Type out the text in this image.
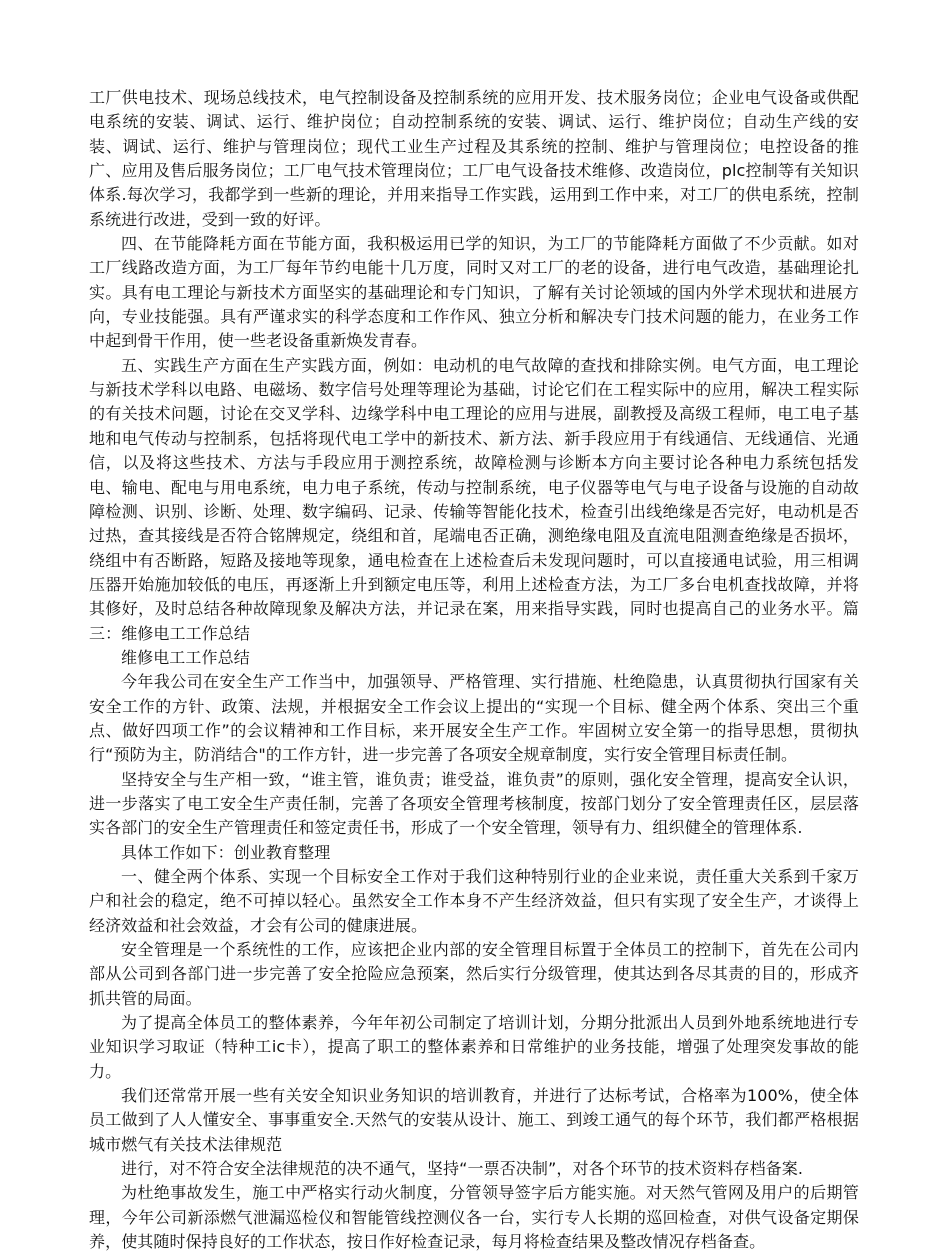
工厂供电技术、现场总线技术，电气控制设备及控制系统的应用开发、技术服务岗位；企业电气设备或供配电系统的安装、调试、运行、维护岗位；自动控制系统的安装、调试、运行、维护岗位；自动生产线的安装、调试、运行、维护与管理岗位；现代工业生产过程及其系统的控制、维护与管理岗位；电控设备的推广、应用及售后服务岗位；工厂电气技术管理岗位；工厂电气设备技术维修、改造岗位，plc控制等有关知识体系.每次学习，我都学到一些新的理论，并用来指导工作实践，运用到工作中来，对工厂的供电系统，控制系统进行改进，受到一致的好评。

四、在节能降耗方面在节能方面，我积极运用已学的知识，为工厂的节能降耗方面做了不少贡献。如对工厂线路改造方面，为工厂每年节约电能十几万度，同时又对工厂的老的设备，进行电气改造，基础理论扎实。具有电工理论与新技术方面坚实的基础理论和专门知识，了解有关讨论领域的国内外学术现状和进展方向，专业技能强。具有严谨求实的科学态度和工作作风、独立分析和解决专门技术问题的能力，在业务工作中起到骨干作用，使一些老设备重新焕发青春。

五、实践生产方面在生产实践方面，例如：电动机的电气故障的查找和排除实例。电气方面，电工理论与新技术学科以电路、电磁场、数字信号处理等理论为基础，讨论它们在工程实际中的应用，解决工程实际的有关技术问题，讨论在交叉学科、边缘学科中电工理论的应用与进展，副教授及高级工程师，电工电子基地和电气传动与控制系，包括将现代电工学中的新技术、新方法、新手段应用于有线通信、无线通信、光通信，以及将这些技术、方法与手段应用于测控系统，故障检测与诊断本方向主要讨论各种电力系统包括发电、输电、配电与用电系统，电力电子系统，传动与控制系统，电子仪器等电气与电子设备与设施的自动故障检测、识别、诊断、处理、数字编码、记录、传输等智能化技术，检查引出线绝缘是否完好，电动机是否过热，查其接线是否符合铭牌规定，绕组和首，尾端电否正确，测绝缘电阻及直流电阻测查绝缘是否损坏，绕组中有否断路，短路及接地等现象，通电检查在上述检查后未发现问题时，可以直接通电试验，用三相调压器开始施加较低的电压，再逐渐上升到额定电压等，利用上述检查方法，为工厂多台电机查找故障，并将其修好，及时总结各种故障现象及解决方法，并记录在案，用来指导实践，同时也提高自己的业务水平。篇三：维修电工工作总结

维修电工工作总结

今年我公司在安全生产工作当中，加强领导、严格管理、实行措施、杜绝隐患，认真贯彻执行国家有关安全工作的方针、政策、法规，并根据安全工作会议上提出的“实现一个目标、健全两个体系、突出三个重点、做好四项工作”的会议精神和工作目标，来开展安全生产工作。牢固树立安全第一的指导思想，贯彻执行“预防为主，防消结合"的工作方针，进一步完善了各项安全规章制度，实行安全管理目标责任制。

坚持安全与生产相一致，“谁主管，谁负责；谁受益，谁负责”的原则，强化安全管理，提高安全认识，进一步落实了电工安全生产责任制，完善了各项安全管理考核制度，按部门划分了安全管理责任区，层层落实各部门的安全生产管理责任和签定责任书，形成了一个安全管理，领导有力、组织健全的管理体系.

具体工作如下：创业教育整理

一、健全两个体系、实现一个目标安全工作对于我们这种特别行业的企业来说，责任重大关系到千家万户和社会的稳定，绝不可掉以轻心。虽然安全工作本身不产生经济效益，但只有实现了安全生产，才谈得上经济效益和社会效益，才会有公司的健康进展。

安全管理是一个系统性的工作，应该把企业内部的安全管理目标置于全体员工的控制下，首先在公司内部从公司到各部门进一步完善了安全抢险应急预案，然后实行分级管理，使其达到各尽其责的目的，形成齐抓共管的局面。

为了提高全体员工的整体素养，今年年初公司制定了培训计划，分期分批派出人员到外地系统地进行专业知识学习取证（特种工ic卡），提高了职工的整体素养和日常维护的业务技能，增强了处理突发事故的能力。

我们还常常开展一些有关安全知识业务知识的培训教育，并进行了达标考试，合格率为100%，使全体员工做到了人人懂安全、事事重安全.天然气的安装从设计、施工、到竣工通气的每个环节，我们都严格根据城市燃气有关技术法律规范

进行，对不符合安全法律规范的决不通气，坚持“一票否决制”，对各个环节的技术资料存档备案.

为杜绝事故发生，施工中严格实行动火制度，分管领导签字后方能实施。对天然气管网及用户的后期管理，今年公司新添燃气泄漏巡检仪和智能管线控测仪各一台，实行专人长期的巡回检查，对供气设备定期保养，使其随时保持良好的工作状态，按日作好检查记录，每月将检查结果及整改情况存档备查。
